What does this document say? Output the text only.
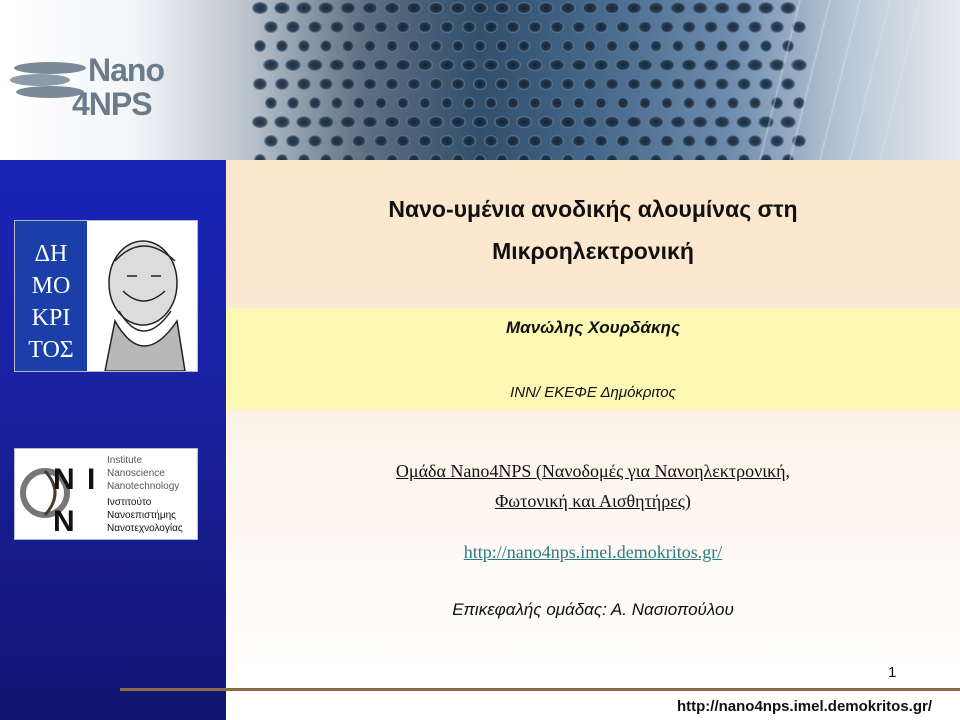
Nano
4NPS
ΔΗ
ΜΟ
ΚΡΙ
ΤΟΣ
N I
N
Institute
Nanoscience
Nanotechnology
Ινστιτούτο
Νανοεπιστήμης
Νανοτεχνολογίας
Νανο-υμένια ανοδικής αλουμίνας στη
Μικροηλεκτρονική
Μανώλης Χουρδάκης
ΙΝΝ/ ΕΚΕΦΕ Δημόκριτος
Ομάδα Nano4NPS (Νανοδομές για Νανοηλεκτρονική,
Φωτονική και Αισθητήρες)
http://nano4nps.imel.demokritos.gr/
Επικεφαλής ομάδας: Α. Νασιοπούλου
1
http://nano4nps.imel.demokritos.gr/
